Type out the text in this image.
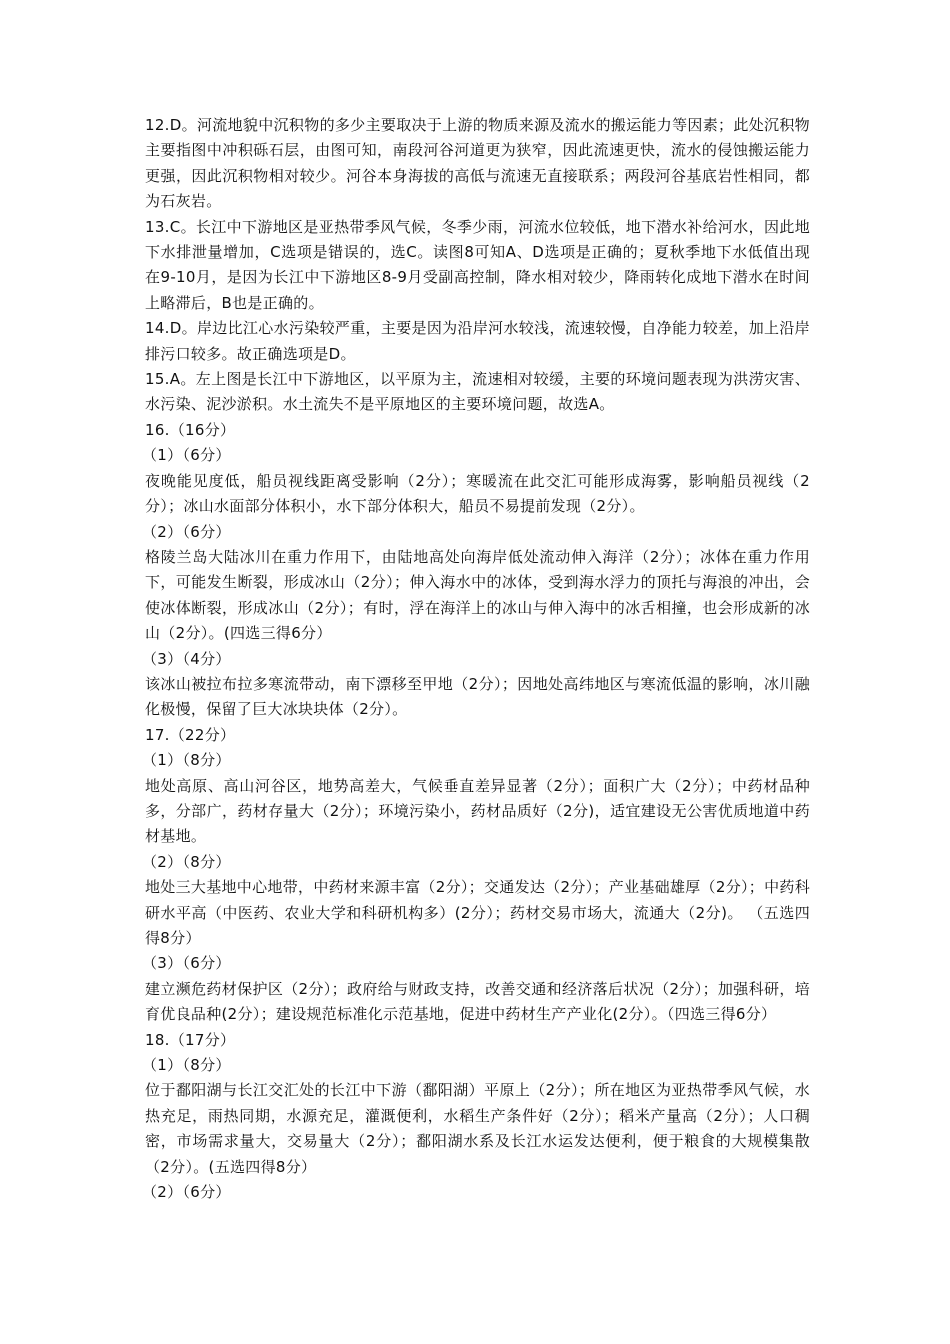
12.D。河流地貌中沉积物的多少主要取决于上游的物质来源及流水的搬运能力等因素；此处沉积物主要指图中冲积砾石层，由图可知，南段河谷河道更为狭窄，因此流速更快，流水的侵蚀搬运能力更强，因此沉积物相对较少。河谷本身海拔的高低与流速无直接联系；两段河谷基底岩性相同，都为石灰岩。

13.C。长江中下游地区是亚热带季风气候，冬季少雨，河流水位较低，地下潜水补给河水，因此地下水排泄量增加，C选项是错误的，选C。读图8可知A、D选项是正确的；夏秋季地下水低值出现在9-10月，是因为长江中下游地区8-9月受副高控制，降水相对较少，降雨转化成地下潜水在时间上略滞后，B也是正确的。

14.D。岸边比江心水污染较严重，主要是因为沿岸河水较浅，流速较慢，自净能力较差，加上沿岸排污口较多。故正确选项是D。

15.A。左上图是长江中下游地区，以平原为主，流速相对较缓，主要的环境问题表现为洪涝灾害、水污染、泥沙淤积。水土流失不是平原地区的主要环境问题，故选A。

16.（16分）

（1）（6分）

夜晚能见度低，船员视线距离受影响（2分）；寒暖流在此交汇可能形成海雾，影响船员视线（2分）；冰山水面部分体积小，水下部分体积大，船员不易提前发现（2分）。

（2）（6分）

格陵兰岛大陆冰川在重力作用下，由陆地高处向海岸低处流动伸入海洋（2分）；冰体在重力作用下，可能发生断裂，形成冰山（2分）；伸入海水中的冰体，受到海水浮力的顶托与海浪的冲出，会使冰体断裂，形成冰山（2分）；有时，浮在海洋上的冰山与伸入海中的冰舌相撞，也会形成新的冰山（2分）。(四选三得6分）

（3）（4分）

该冰山被拉布拉多寒流带动，南下漂移至甲地（2分）；因地处高纬地区与寒流低温的影响，冰川融化极慢，保留了巨大冰块块体（2分）。

17.（22分）

（1）（8分）

地处高原、高山河谷区，地势高差大，气候垂直差异显著（2分）；面积广大（2分）；中药材品种多，分部广，药材存量大（2分）；环境污染小，药材品质好（2分)，适宜建设无公害优质地道中药材基地。

（2）（8分）

地处三大基地中心地带，中药材来源丰富（2分）；交通发达（2分）；产业基础雄厚（2分）；中药科研水平高（中医药、农业大学和科研机构多）(2分）；药材交易市场大，流通大（2分)。 （五选四得8分）

（3）（6分）

建立濒危药材保护区（2分）；政府给与财政支持，改善交通和经济落后状况（2分）；加强科研，培育优良品种(2分）；建设规范标准化示范基地，促进中药材生产产业化(2分）。（四选三得6分）

18.（17分）

（1）（8分）

位于鄱阳湖与长江交汇处的长江中下游（鄱阳湖）平原上（2分）；所在地区为亚热带季风气候，水热充足，雨热同期，水源充足，灌溉便利，水稻生产条件好（2分）；稻米产量高（2分）；人口稠密，市场需求量大，交易量大（2分）；鄱阳湖水系及长江水运发达便利，便于粮食的大规模集散（2分）。(五选四得8分）

（2）（6分）
